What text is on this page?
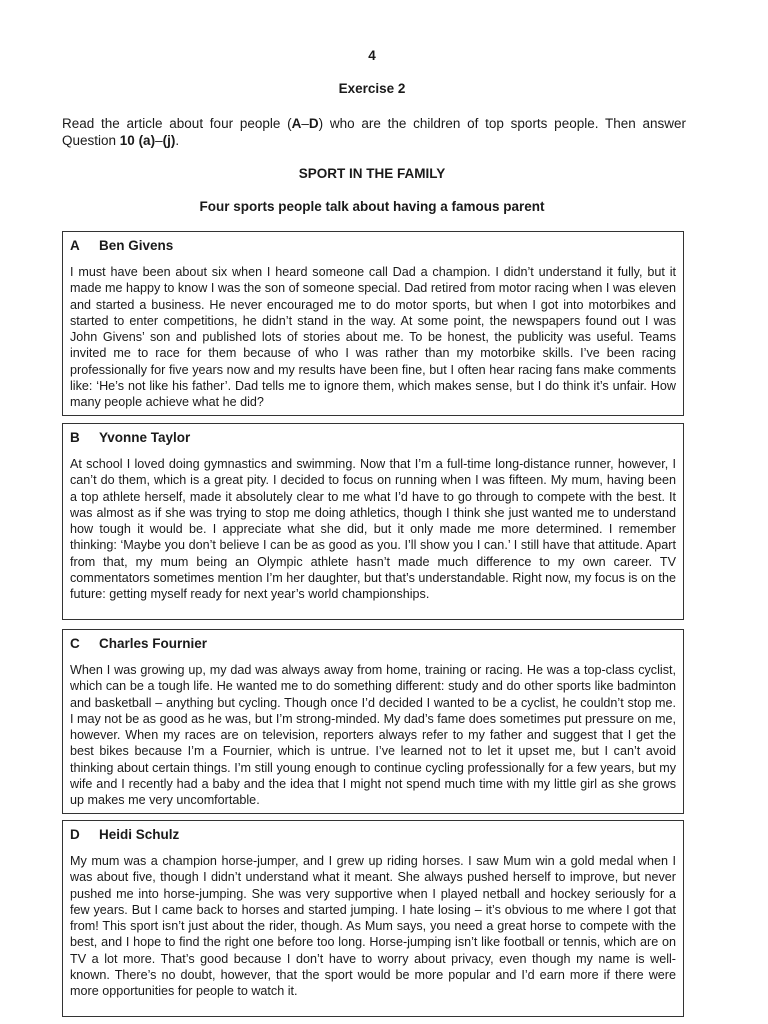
4
Exercise 2
Read the article about four people (A–D) who are the children of top sports people. Then answer Question 10 (a)–(j).
SPORT IN THE FAMILY
Four sports people talk about having a famous parent
A Ben Givens
I must have been about six when I heard someone call Dad a champion. I didn’t understand it fully, but it made me happy to know I was the son of someone special. Dad retired from motor racing when I was eleven and started a business. He never encouraged me to do motor sports, but when I got into motorbikes and started to enter competitions, he didn’t stand in the way. At some point, the newspapers found out I was John Givens’ son and published lots of stories about me. To be honest, the publicity was useful. Teams invited me to race for them because of who I was rather than my motorbike skills. I’ve been racing professionally for five years now and my results have been fine, but I often hear racing fans make comments like: ‘He’s not like his father’. Dad tells me to ignore them, which makes sense, but I do think it’s unfair. How many people achieve what he did?
B Yvonne Taylor
At school I loved doing gymnastics and swimming. Now that I’m a full-time long-distance runner, however, I can’t do them, which is a great pity. I decided to focus on running when I was fifteen. My mum, having been a top athlete herself, made it absolutely clear to me what I’d have to go through to compete with the best. It was almost as if she was trying to stop me doing athletics, though I think she just wanted me to understand how tough it would be. I appreciate what she did, but it only made me more determined. I remember thinking: ‘Maybe you don’t believe I can be as good as you. I’ll show you I can.’ I still have that attitude. Apart from that, my mum being an Olympic athlete hasn’t made much difference to my own career. TV commentators sometimes mention I’m her daughter, but that’s understandable. Right now, my focus is on the future: getting myself ready for next year’s world championships.
C Charles Fournier
When I was growing up, my dad was always away from home, training or racing. He was a top-class cyclist, which can be a tough life. He wanted me to do something different: study and do other sports like badminton and basketball – anything but cycling. Though once I’d decided I wanted to be a cyclist, he couldn’t stop me. I may not be as good as he was, but I’m strong-minded. My dad’s fame does sometimes put pressure on me, however. When my races are on television, reporters always refer to my father and suggest that I get the best bikes because I’m a Fournier, which is untrue. I’ve learned not to let it upset me, but I can’t avoid thinking about certain things. I’m still young enough to continue cycling professionally for a few years, but my wife and I recently had a baby and the idea that I might not spend much time with my little girl as she grows up makes me very uncomfortable.
D Heidi Schulz
My mum was a champion horse-jumper, and I grew up riding horses. I saw Mum win a gold medal when I was about five, though I didn’t understand what it meant. She always pushed herself to improve, but never pushed me into horse-jumping. She was very supportive when I played netball and hockey seriously for a few years. But I came back to horses and started jumping. I hate losing – it’s obvious to me where I got that from! This sport isn’t just about the rider, though. As Mum says, you need a great horse to compete with the best, and I hope to find the right one before too long. Horse-jumping isn’t like football or tennis, which are on TV a lot more. That’s good because I don’t have to worry about privacy, even though my name is well-known. There’s no doubt, however, that the sport would be more popular and I’d earn more if there were more opportunities for people to watch it.
